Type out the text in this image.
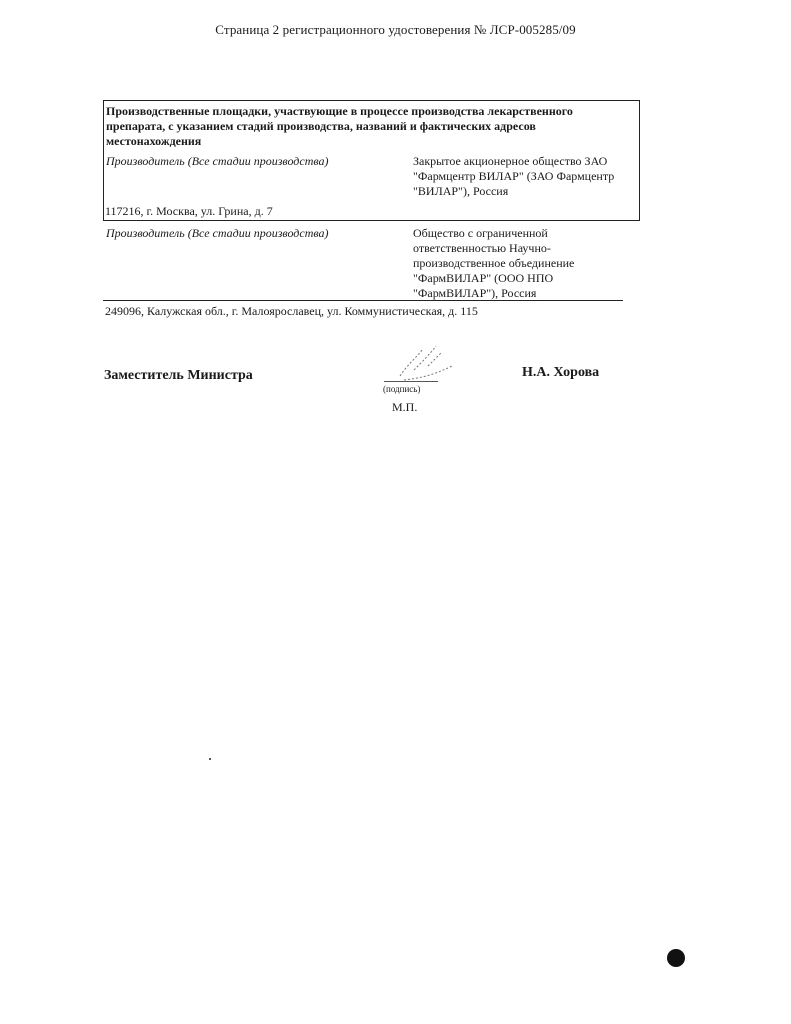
Страница 2 регистрационного удостоверения № ЛСР-005285/09
Производственные площадки, участвующие в процессе производства лекарственного препарата, с указанием стадий производства, названий и фактических адресов местонахождения
Производитель (Все стадии производства)	Закрытое акционерное общество ЗАО "Фармцентр ВИЛАР" (ЗАО Фармцентр "ВИЛАР"), Россия
117216, г. Москва, ул. Грина, д. 7
Производитель (Все стадии производства)	Общество с ограниченной ответственностью Научно-производственное объединение "ФармВИЛАР" (ООО НПО "ФармВИЛАР"), Россия
249096, Калужская обл., г. Малоярославец, ул. Коммунистическая, д. 115
Заместитель Министра
(подпись)
М.П.
Н.А. Хорова
